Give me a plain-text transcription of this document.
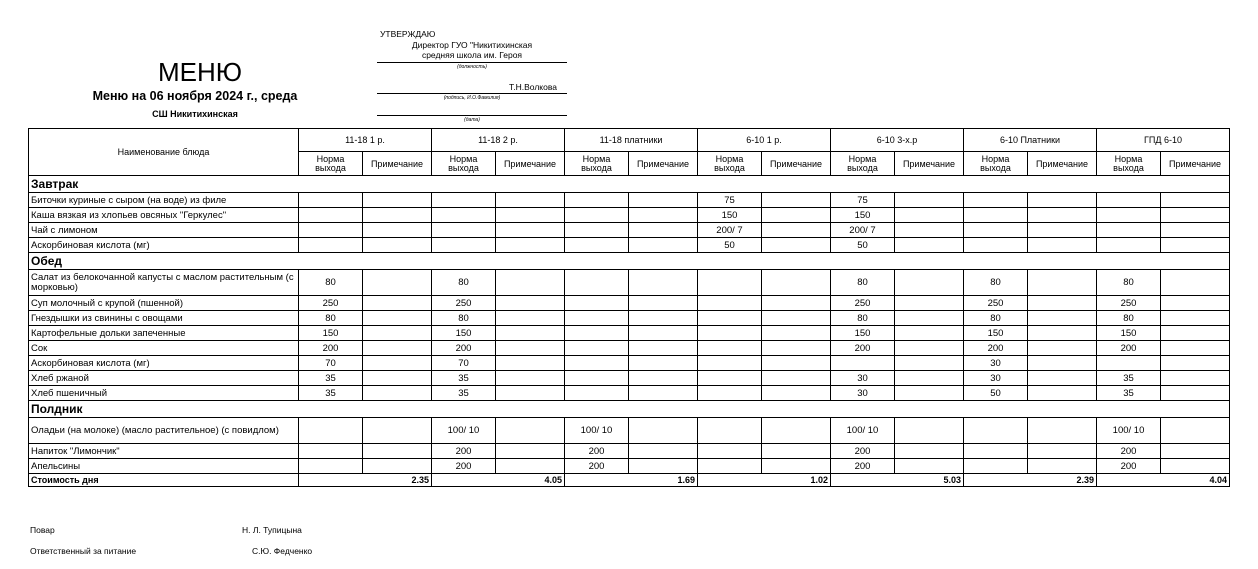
МЕНЮ
Меню на 06 ноября 2024 г., среда
СШ Никитихинская
УТВЕРЖДАЮ
Директор ГУО "Никитихинская
средняя школа им. Героя
(должность)
Т.Н.Волкова
(подпись, И.О.Фамилия)
(дата)
Наименование блюда	11-18 1 р.		11-18 2 р.		11-18 платники		6-10 1 р.		6-10 3-х.р		6-10 Платники		ГПД 6-10	
	Норма выхода	Примечание	Норма выхода	Примечание	Норма выхода	Примечание	Норма выхода	Примечание	Норма выхода	Примечание	Норма выхода	Примечание	Норма выхода	Примечание
Завтрак														
Биточки куриные с сыром (на воде) из филе							75		75					
Каша вязкая из хлопьев овсяных "Геркулес"							150		150					
Чай с лимоном							200/ 7		200/ 7					
Аскорбиновая кислота (мг)							50		50					
Обед														
Салат из белокочанной капусты с маслом растительным (с морковью)	80		80						80		80		80	
Суп молочный с крупой (пшенной)	250		250						250		250		250	
Гнездышки из свинины с овощами	80		80						80		80		80	
Картофельные дольки запеченные	150		150						150		150		150	
Сок	200		200						200		200		200	
Аскорбиновая кислота (мг)	70		70								30			
Хлеб ржаной	35		35						30		30		35	
Хлеб пшеничный	35		35						30		50		35	
Полдник														
Оладьи (на молоке) (масло растительное) (с повидлом)			100/ 10		100/ 10				100/ 10				100/ 10	
Напиток "Лимончик"			200		200				200				200	
Апельсины			200		200				200				200	
Стоимость дня	2.35		4.05		1.69		1.02		5.03		2.39		4.04	
Повар	Н. Л. Тупицына
Ответственный за питание	С.Ю. Федченко
